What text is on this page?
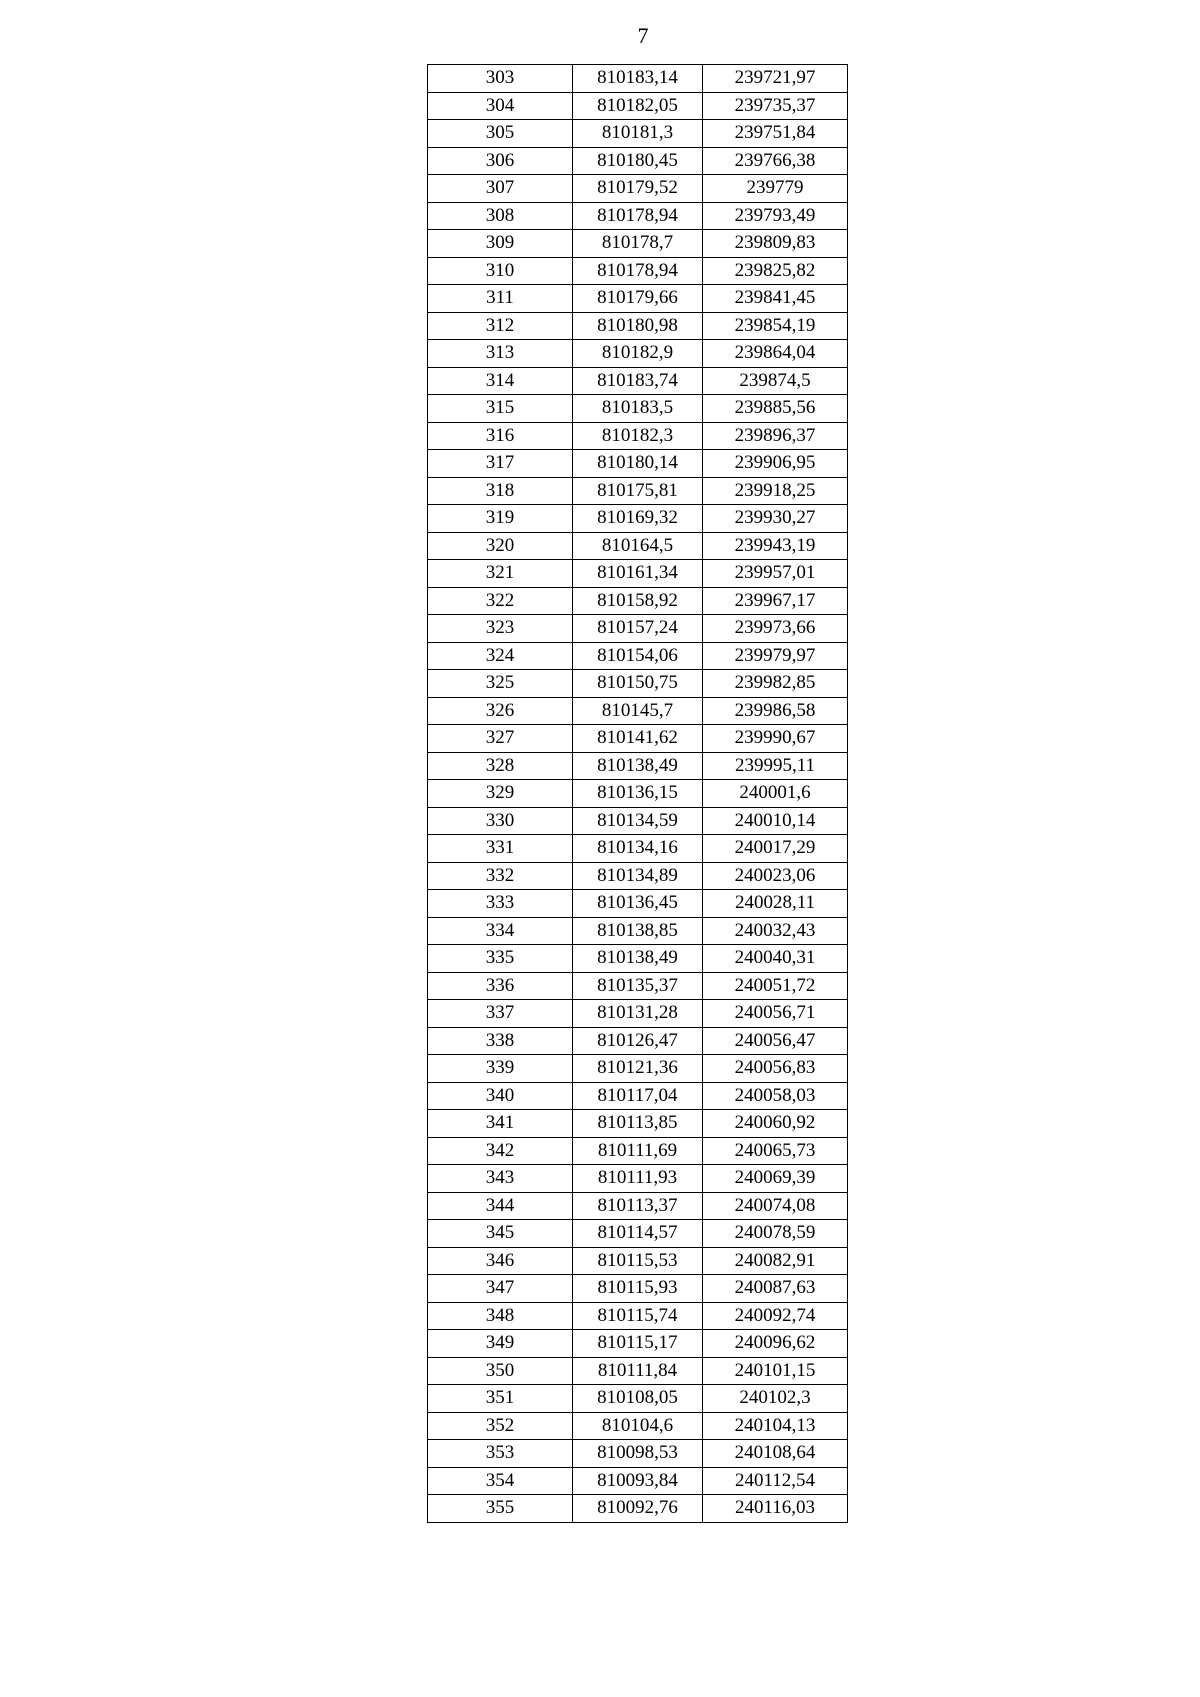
7
303	810183,14	239721,97
304	810182,05	239735,37
305	810181,3	239751,84
306	810180,45	239766,38
307	810179,52	239779
308	810178,94	239793,49
309	810178,7	239809,83
310	810178,94	239825,82
311	810179,66	239841,45
312	810180,98	239854,19
313	810182,9	239864,04
314	810183,74	239874,5
315	810183,5	239885,56
316	810182,3	239896,37
317	810180,14	239906,95
318	810175,81	239918,25
319	810169,32	239930,27
320	810164,5	239943,19
321	810161,34	239957,01
322	810158,92	239967,17
323	810157,24	239973,66
324	810154,06	239979,97
325	810150,75	239982,85
326	810145,7	239986,58
327	810141,62	239990,67
328	810138,49	239995,11
329	810136,15	240001,6
330	810134,59	240010,14
331	810134,16	240017,29
332	810134,89	240023,06
333	810136,45	240028,11
334	810138,85	240032,43
335	810138,49	240040,31
336	810135,37	240051,72
337	810131,28	240056,71
338	810126,47	240056,47
339	810121,36	240056,83
340	810117,04	240058,03
341	810113,85	240060,92
342	810111,69	240065,73
343	810111,93	240069,39
344	810113,37	240074,08
345	810114,57	240078,59
346	810115,53	240082,91
347	810115,93	240087,63
348	810115,74	240092,74
349	810115,17	240096,62
350	810111,84	240101,15
351	810108,05	240102,3
352	810104,6	240104,13
353	810098,53	240108,64
354	810093,84	240112,54
355	810092,76	240116,03
